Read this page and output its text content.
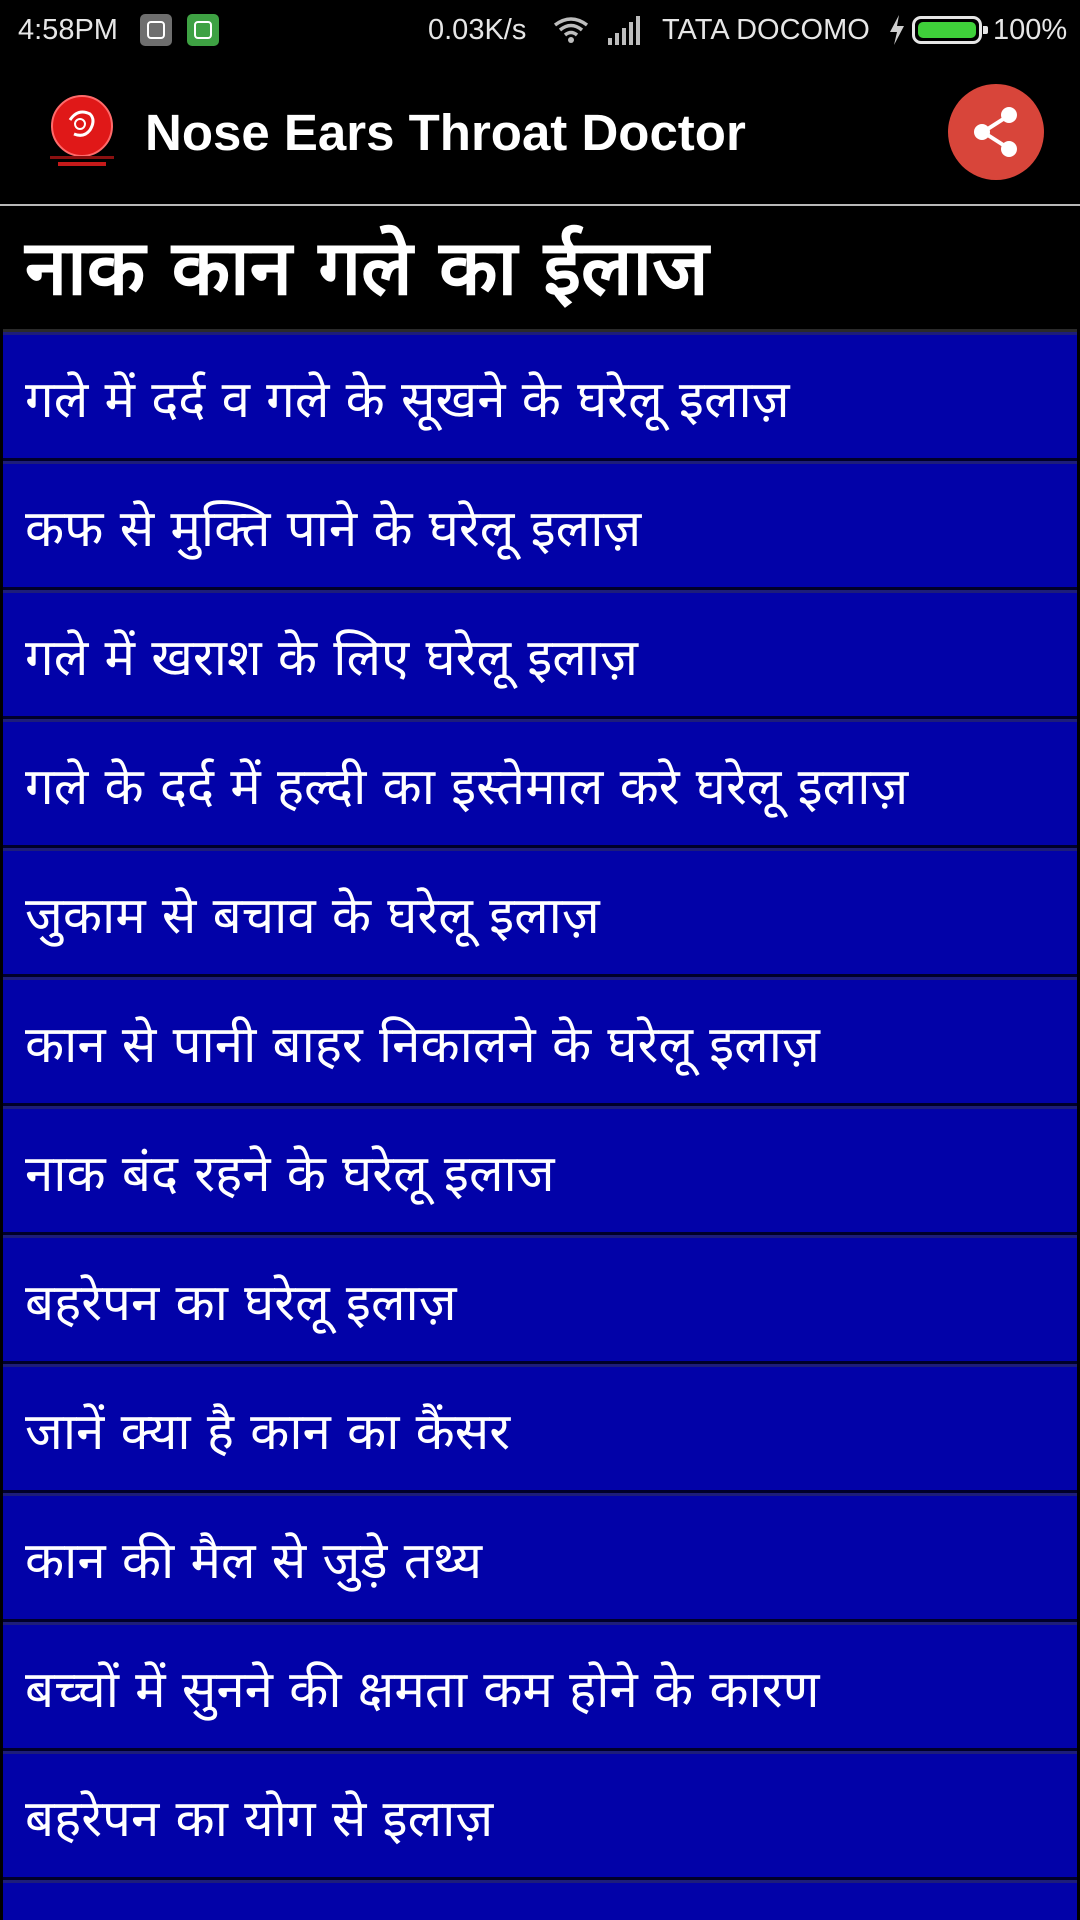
4:58PM	0.03K/s	TATA DOCOMO	100%
Nose Ears Throat Doctor
नाक कान गले का ईलाज
गले में दर्द व गले के सूखने के घरेलू इलाज़
कफ से मुक्ति पाने के घरेलू इलाज़
गले में खराश के लिए घरेलू इलाज़
गले के दर्द में हल्दी का इस्तेमाल करे घरेलू इलाज़
जुकाम से बचाव के घरेलू इलाज़
कान से पानी बाहर निकालने के घरेलू इलाज़
नाक बंद रहने के घरेलू इलाज
बहरेपन का घरेलू इलाज़
जानें क्या है कान का कैंसर
कान की मैल से जुड़े तथ्य
बच्चों में सुनने की क्षमता कम होने के कारण
बहरेपन का योग से इलाज़
